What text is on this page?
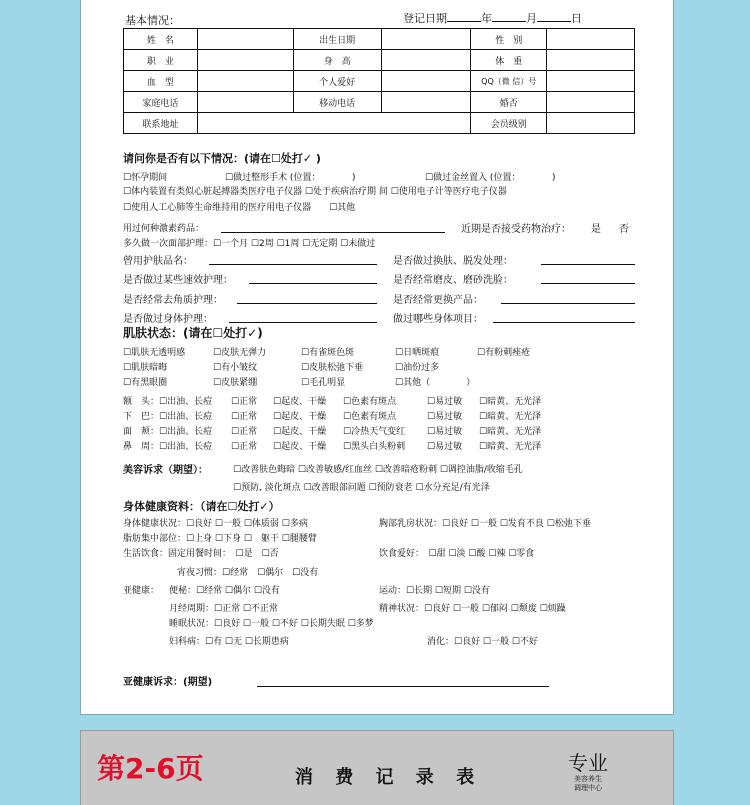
基本情况：	登记日期	年	月	日
姓　名		出生日期		性　别	
职　业		身　高		体　重	
血　型		个人爱好		QQ（微 信）号	
家庭电话		移动电话		婚否	
联系地址				会员级别	
请问你是否有以下情况：(请在☐处打✓ )
☐怀孕期间	☐做过整形手术 (位置：　　　　)	☐做过金丝置入 (位置：　　　　)
☐体内装置有类似心脏起搏器类医疗电子仪器 ☐处于疾病治疗期 间 ☐使用电子计等医疗电子仪器
☐使用人工心肺等生命维持用的医疗用电子仪器　　☐其他
用过何种激素药品：	近期是否接受药物治疗： 是 否
多久做一次面部护理：☐一个月 ☐2周 ☐1周 ☐无定期 ☐未做过
曾用护肤品名：	是否做过换肤、脱发处理：
是否做过某些速效护理：	是否经常磨皮、磨砂洗脸：
是否经常去角质护理：	是否经常更换产品：
是否做过身体护理：	做过哪些身体项目：
肌肤状态：(请在☐处打✓)
☐肌肤无透明感	☐皮肤无弹力	☐有雀斑色斑	☐日晒斑痕	☐有粉刺痤疮
☐肌肤暗晦	☐有小皱纹	☐皮肤松弛下垂	☐油份过多
☐有黑眼圈	☐皮肤紧绷	☐毛孔明显	☐其他（　　　　）
额　头：☐出油、长痘 ☐正常 ☐起皮、干燥 ☐色素有斑点	☐易过敏 ☐暗黄、无光泽
下　巴：☐出油、长痘 ☐正常 ☐起皮、干燥 ☐色素有斑点	☐易过敏 ☐暗黄、无光泽
面　颊：☐出油、长痘 ☐正常 ☐起皮、干燥 ☐冷热天气变红 ☐易过敏 ☐暗黄、无光泽
鼻　周：☐出油、长痘 ☐正常 ☐起皮、干燥 ☐黑头白头粉刺 ☐易过敏 ☐暗黄、无光泽
美容诉求（期望）：	☐改善肤色晦暗 ☐改善敏感/红血丝 ☐改善暗疮粉刺 ☐调控油脂/收缩毛孔
☐预防, 淡化斑点 ☐改善眼部问题 ☐预防衰老 ☐水分充足/有光泽
身体健康资料：（请在☐处打✓）
身体健康状况：☐良好 ☐一般 ☐体质弱 ☐多病	胸部乳房状况：☐良好 ☐一般 ☐发育不良 ☐松弛下垂
脂肪集中部位：☐上身 ☐下身 ☐　躯干 ☐腿腰臂
生活饮食：固定用餐时间：　☐是　☐否	饮食爱好：　☐甜 ☐淡 ☐酸 ☐辣 ☐零食
宵夜习惯：☐经常　☐偶尔　☐没有
亚健康： 便秘：☐经常 ☐偶尔 ☐没有	运动：☐长期 ☐短期 ☐没有
月经周期：☐正常 ☐不正常	精神状况：☐良好 ☐一般 ☐郁闷 ☐颓废 ☐烦躁
睡眠状况：☐良好 ☐一般 ☐不好 ☐长期失眠 ☐多梦
妇科病：☐有 ☐无 ☐长期患病	消化：☐良好 ☐一般 ☐不好
亚健康诉求：(期望)
第2-6页	消 费 记 录 表
专业
美容养生
调理中心
